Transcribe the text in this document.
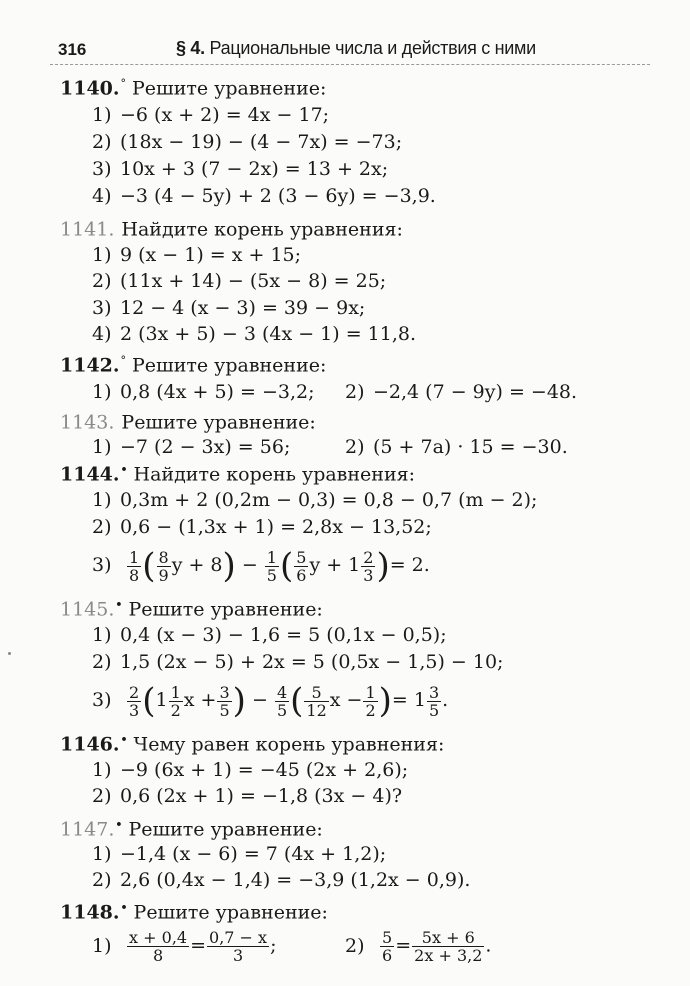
316	§ 4. Рациональные числа и действия с ними
1140.° Решите уравнение:
1) −6 (x + 2) = 4x − 17;
2) (18x − 19) − (4 − 7x) = −73;
3) 10x + 3 (7 − 2x) = 13 + 2x;
4) −3 (4 − 5y) + 2 (3 − 6y) = −3,9.
1141. Найдите корень уравнения:
1) 9 (x − 1) = x + 15;
2) (11x + 14) − (5x − 8) = 25;
3) 12 − 4 (x − 3) = 39 − 9x;
4) 2 (3x + 5) − 3 (4x − 1) = 11,8.
1142.° Решите уравнение:
1) 0,8 (4x + 5) = −3,2; 2) −2,4 (7 − 9y) = −48.
1143. Решите уравнение:
1) −7 (2 − 3x) = 56;	2) (5 + 7a) · 15 = −30.
1144.• Найдите корень уравнения:
1) 0,3m + 2 (0,2m − 0,3) = 0,8 − 0,7 (m − 2);
2) 0,6 − (1,3x + 1) = 2,8x − 13,52;
$3) \frac{1}{8}$ ( $\frac{8}{9}$ $y + 8) - \frac{1}{5}$ ( $\frac{5}{6}$ $y + 1 \frac{2}{3}$ )= 2.
1145.• Решите уравнение:
1) 0,4 (x − 3) − 1,6 = 5 (0,1x − 0,5);
2) 1,5 (2x − 5) + 2x = 5 (0,5x − 1,5) − 10;
$3) \frac{2}{3} (1 \frac{1}{2}$ $x + \frac{3}{5}$ ) − $\frac{4}{5}$ ( $\frac{5}{12}$ $x - \frac{1}{2}$ )= $1 \frac{3}{5}$ .
1146.• Чему равен корень уравнения:
1) −9 (6x + 1) = −45 (2x + 2,6);
2) 0,6 (2x + 1) = −1,8 (3x − 4)?
1147.• Решите уравнение:
1) −1,4 (x − 6) = 7 (4x + 1,2);
2) 2,6 (0,4x − 1,4) = −3,9 (1,2x − 0,9).
1148.• Решите уравнение:
$1) \frac{x + 0,4}{8} = \frac{0,7 - x}{3}$ ;	$2) \frac{5}{6} = \frac{5x + 6}{2x + 3,2}$ .
